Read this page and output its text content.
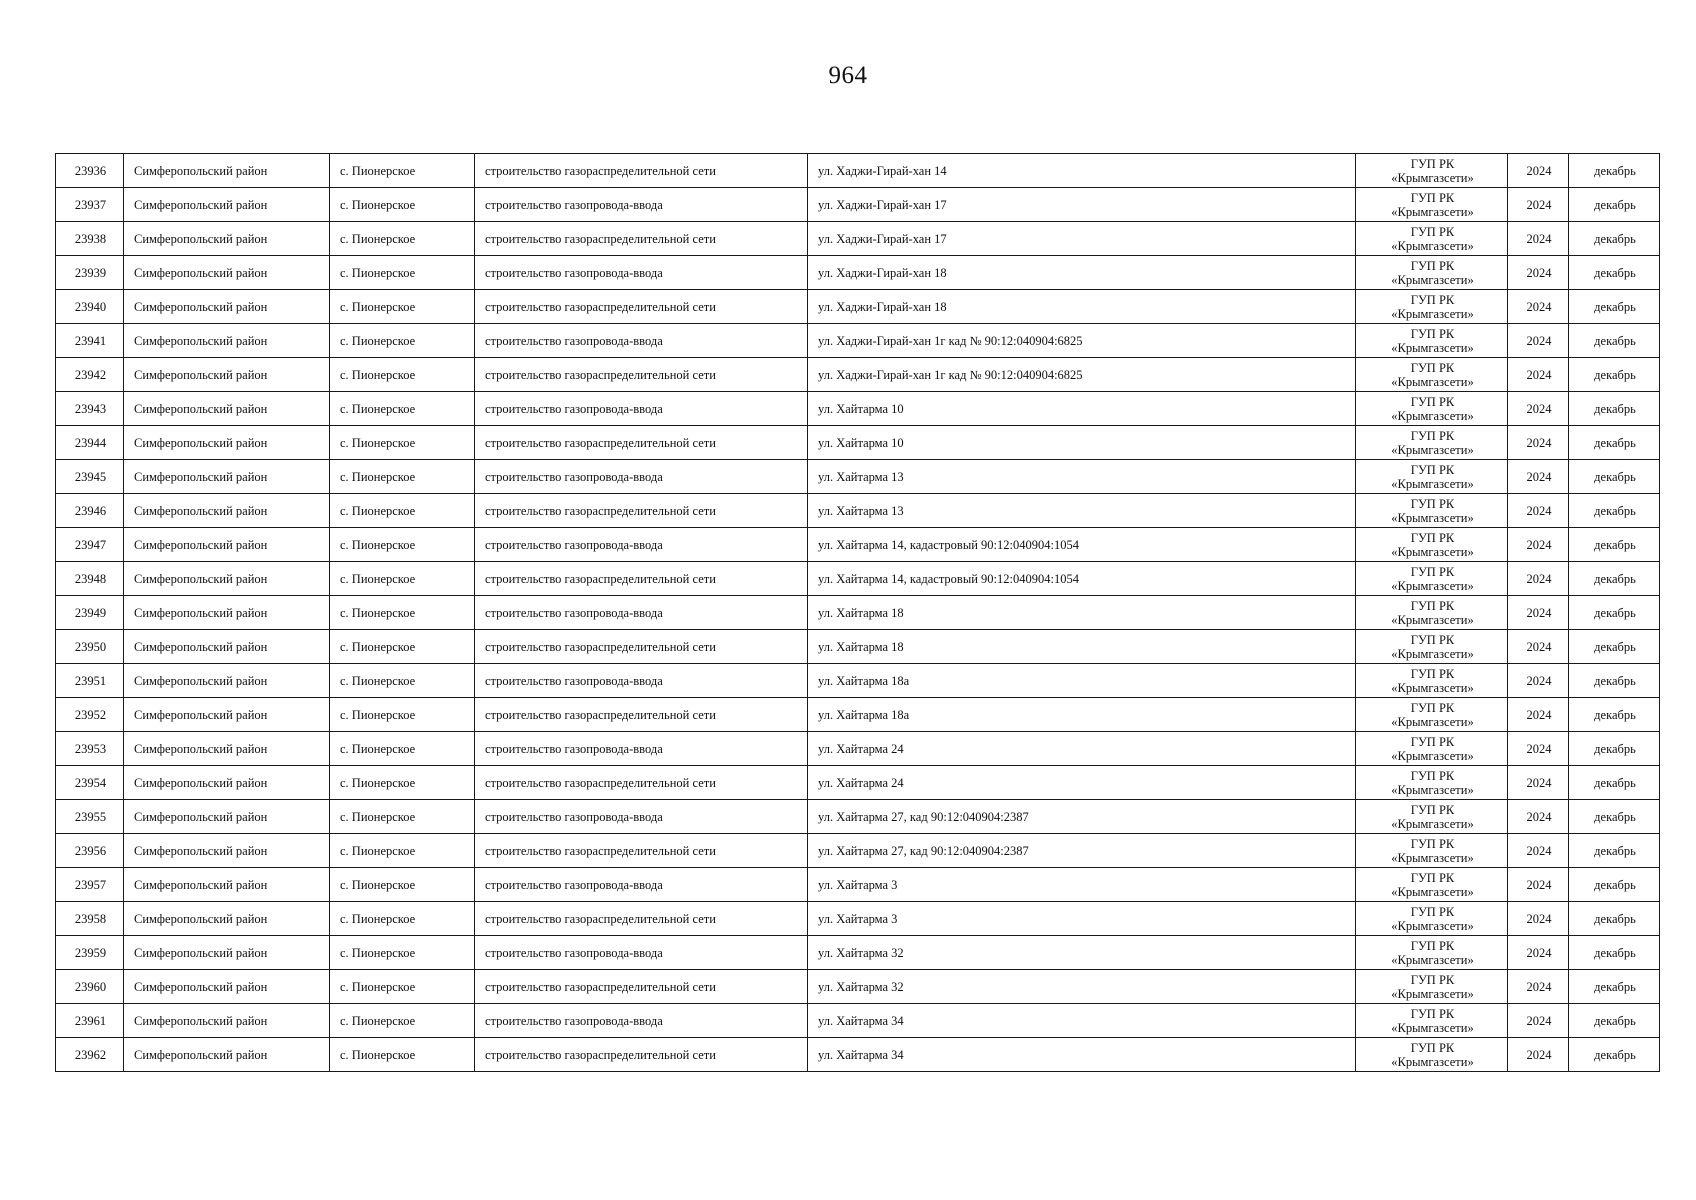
964
23936	Симферопольский район	с. Пионерское	строительство газораспределительной сети	ул. Хаджи-Гирай-хан 14	ГУП РК
«Крымгазсети»	2024	декабрь
23937	Симферопольский район	с. Пионерское	строительство газопровода-ввода	ул. Хаджи-Гирай-хан 17	ГУП РК
«Крымгазсети»	2024	декабрь
23938	Симферопольский район	с. Пионерское	строительство газораспределительной сети	ул. Хаджи-Гирай-хан 17	ГУП РК
«Крымгазсети»	2024	декабрь
23939	Симферопольский район	с. Пионерское	строительство газопровода-ввода	ул. Хаджи-Гирай-хан 18	ГУП РК
«Крымгазсети»	2024	декабрь
23940	Симферопольский район	с. Пионерское	строительство газораспределительной сети	ул. Хаджи-Гирай-хан 18	ГУП РК
«Крымгазсети»	2024	декабрь
23941	Симферопольский район	с. Пионерское	строительство газопровода-ввода	ул. Хаджи-Гирай-хан 1г кад № 90:12:040904:6825	ГУП РК
«Крымгазсети»	2024	декабрь
23942	Симферопольский район	с. Пионерское	строительство газораспределительной сети	ул. Хаджи-Гирай-хан 1г кад № 90:12:040904:6825	ГУП РК
«Крымгазсети»	2024	декабрь
23943	Симферопольский район	с. Пионерское	строительство газопровода-ввода	ул. Хайтарма 10	ГУП РК
«Крымгазсети»	2024	декабрь
23944	Симферопольский район	с. Пионерское	строительство газораспределительной сети	ул. Хайтарма 10	ГУП РК
«Крымгазсети»	2024	декабрь
23945	Симферопольский район	с. Пионерское	строительство газопровода-ввода	ул. Хайтарма 13	ГУП РК
«Крымгазсети»	2024	декабрь
23946	Симферопольский район	с. Пионерское	строительство газораспределительной сети	ул. Хайтарма 13	ГУП РК
«Крымгазсети»	2024	декабрь
23947	Симферопольский район	с. Пионерское	строительство газопровода-ввода	ул. Хайтарма 14, кадастровый 90:12:040904:1054	ГУП РК
«Крымгазсети»	2024	декабрь
23948	Симферопольский район	с. Пионерское	строительство газораспределительной сети	ул. Хайтарма 14, кадастровый 90:12:040904:1054	ГУП РК
«Крымгазсети»	2024	декабрь
23949	Симферопольский район	с. Пионерское	строительство газопровода-ввода	ул. Хайтарма 18	ГУП РК
«Крымгазсети»	2024	декабрь
23950	Симферопольский район	с. Пионерское	строительство газораспределительной сети	ул. Хайтарма 18	ГУП РК
«Крымгазсети»	2024	декабрь
23951	Симферопольский район	с. Пионерское	строительство газопровода-ввода	ул. Хайтарма 18а	ГУП РК
«Крымгазсети»	2024	декабрь
23952	Симферопольский район	с. Пионерское	строительство газораспределительной сети	ул. Хайтарма 18а	ГУП РК
«Крымгазсети»	2024	декабрь
23953	Симферопольский район	с. Пионерское	строительство газопровода-ввода	ул. Хайтарма 24	ГУП РК
«Крымгазсети»	2024	декабрь
23954	Симферопольский район	с. Пионерское	строительство газораспределительной сети	ул. Хайтарма 24	ГУП РК
«Крымгазсети»	2024	декабрь
23955	Симферопольский район	с. Пионерское	строительство газопровода-ввода	ул. Хайтарма 27, кад 90:12:040904:2387	ГУП РК
«Крымгазсети»	2024	декабрь
23956	Симферопольский район	с. Пионерское	строительство газораспределительной сети	ул. Хайтарма 27, кад 90:12:040904:2387	ГУП РК
«Крымгазсети»	2024	декабрь
23957	Симферопольский район	с. Пионерское	строительство газопровода-ввода	ул. Хайтарма 3	ГУП РК
«Крымгазсети»	2024	декабрь
23958	Симферопольский район	с. Пионерское	строительство газораспределительной сети	ул. Хайтарма 3	ГУП РК
«Крымгазсети»	2024	декабрь
23959	Симферопольский район	с. Пионерское	строительство газопровода-ввода	ул. Хайтарма 32	ГУП РК
«Крымгазсети»	2024	декабрь
23960	Симферопольский район	с. Пионерское	строительство газораспределительной сети	ул. Хайтарма 32	ГУП РК
«Крымгазсети»	2024	декабрь
23961	Симферопольский район	с. Пионерское	строительство газопровода-ввода	ул. Хайтарма 34	ГУП РК
«Крымгазсети»	2024	декабрь
23962	Симферопольский район	с. Пионерское	строительство газораспределительной сети	ул. Хайтарма 34	ГУП РК
«Крымгазсети»	2024	декабрь
